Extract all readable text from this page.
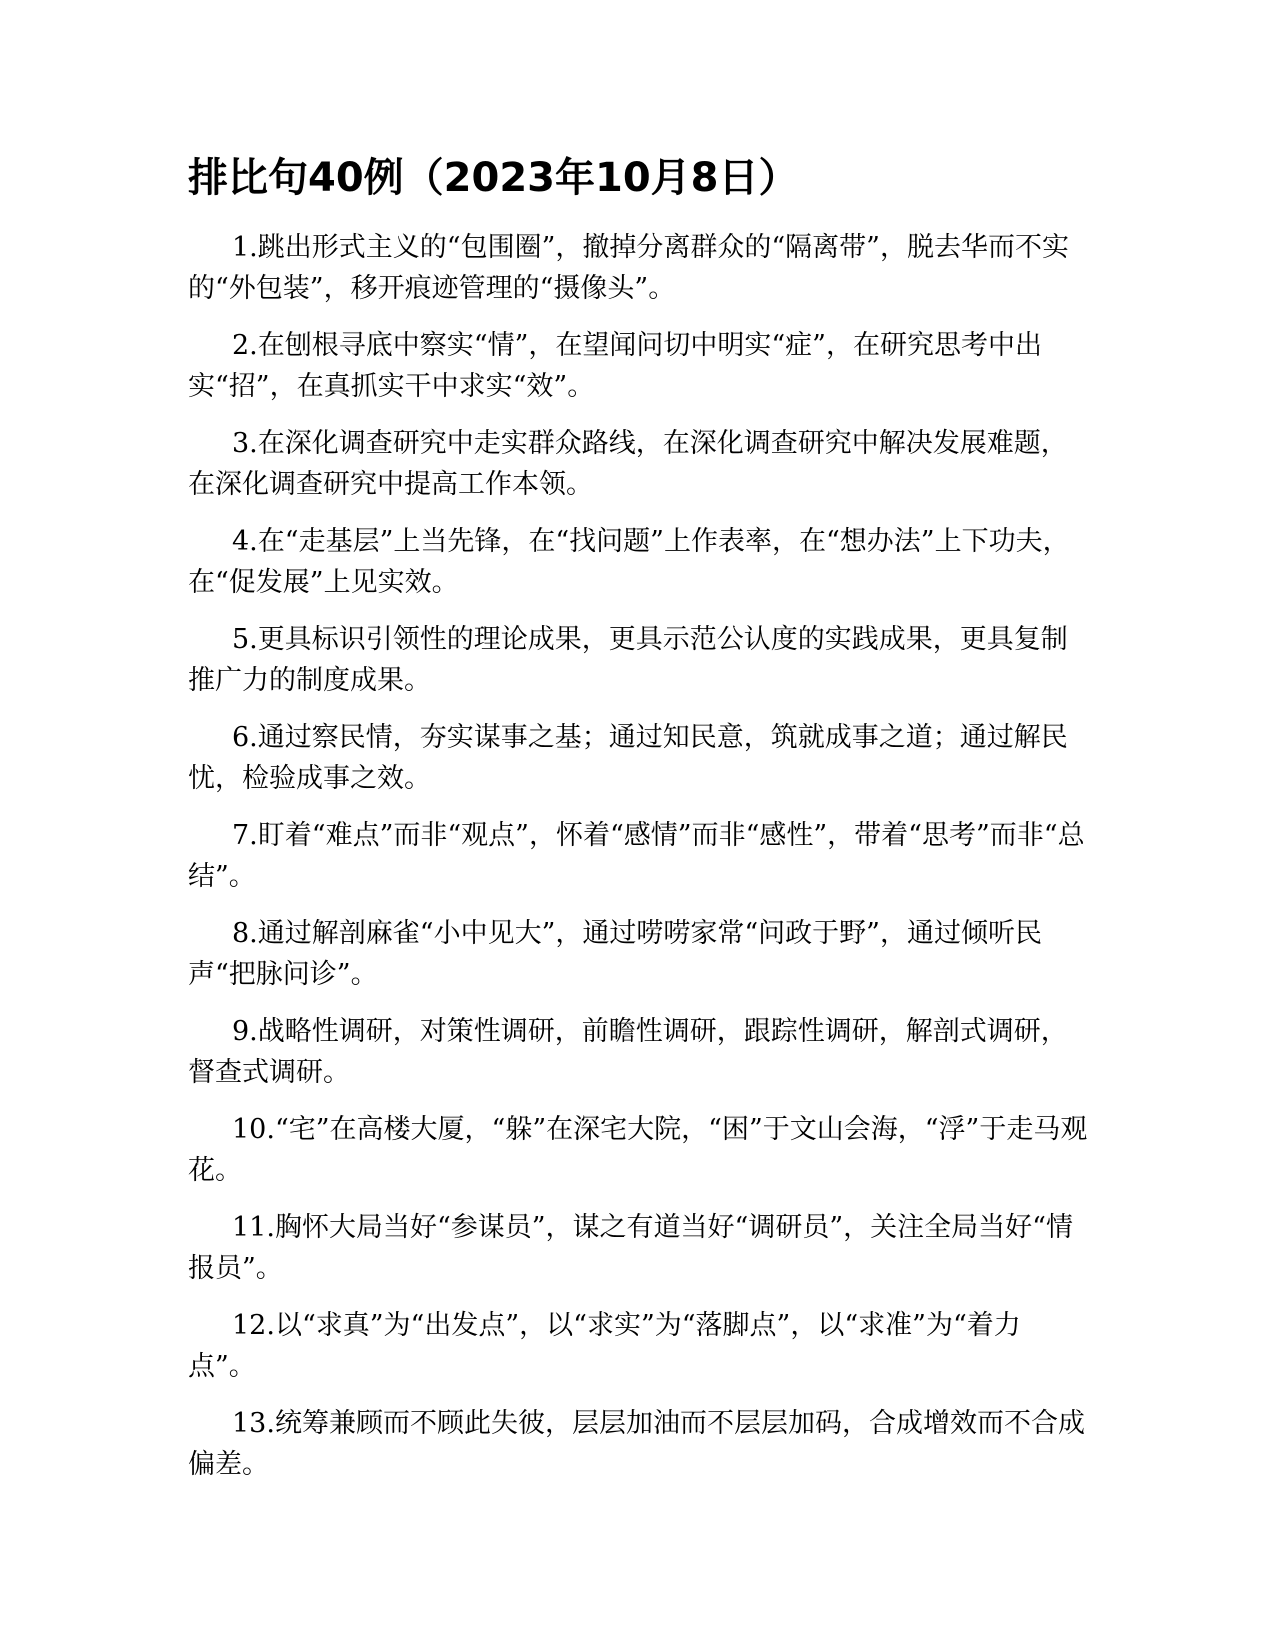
排比句40例（2023年10月8日）
1.跳出形式主义的“包围圈”，撤掉分离群众的“隔离带”，脱去华而不实的“外包装”，移开痕迹管理的“摄像头”。
2.在刨根寻底中察实“情”，在望闻问切中明实“症”，在研究思考中出实“招”，在真抓实干中求实“效”。
3.在深化调查研究中走实群众路线，在深化调查研究中解决发展难题，在深化调查研究中提高工作本领。
4.在“走基层”上当先锋，在“找问题”上作表率，在“想办法”上下功夫，在“促发展”上见实效。
5.更具标识引领性的理论成果，更具示范公认度的实践成果，更具复制推广力的制度成果。
6.通过察民情，夯实谋事之基；通过知民意，筑就成事之道；通过解民忧，检验成事之效。
7.盯着“难点”而非“观点”，怀着“感情”而非“感性”，带着“思考”而非“总结”。
8.通过解剖麻雀“小中见大”，通过唠唠家常“问政于野”，通过倾听民声“把脉问诊”。
9.战略性调研，对策性调研，前瞻性调研，跟踪性调研，解剖式调研，督查式调研。
10.“宅”在高楼大厦，“躲”在深宅大院，“困”于文山会海，“浮”于走马观花。
11.胸怀大局当好“参谋员”，谋之有道当好“调研员”，关注全局当好“情报员”。
12.以“求真”为“出发点”，以“求实”为“落脚点”，以“求准”为“着力点”。
13.统筹兼顾而不顾此失彼，层层加油而不层层加码，合成增效而不合成偏差。
